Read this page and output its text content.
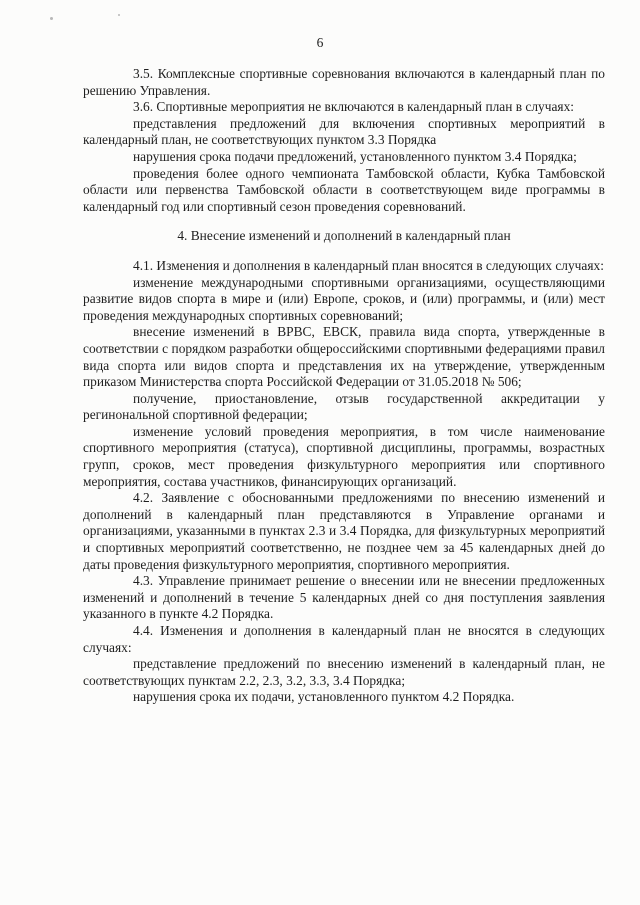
6

3.5. Комплексные спортивные соревнования включаются в календарный план по решению Управления.

3.6. Спортивные мероприятия не включаются в календарный план в случаях:

представления предложений для включения спортивных мероприятий в календарный план, не соответствующих пунктом 3.3 Порядка

нарушения срока подачи предложений, установленного пунктом 3.4 Порядка;

проведения более одного чемпионата Тамбовской области, Кубка Тамбовской области или первенства Тамбовской области в соответствующем виде программы в календарный год или спортивный сезон проведения соревнований.

4. Внесение изменений и дополнений в календарный план

4.1. Изменения и дополнения в календарный план вносятся в следующих случаях:

изменение международными спортивными организациями, осуществляющими развитие видов спорта в мире и (или) Европе, сроков, и (или) программы, и (или) мест проведения международных спортивных соревнований;

внесение изменений в ВРВС, ЕВСК, правила вида спорта, утвержденные в соответствии с порядком разработки общероссийскими спортивными федерациями правил вида спорта или видов спорта и представления их на утверждение, утвержденным приказом Министерства спорта Российской Федерации от 31.05.2018 № 506;

получение, приостановление, отзыв государственной аккредитации у регинональной спортивной федерации;

изменение условий проведения мероприятия, в том числе наименование спортивного мероприятия (статуса), спортивной дисциплины, программы, возрастных групп, сроков, мест проведения физкультурного мероприятия или спортивного мероприятия, состава участников, финансирующих организаций.

4.2. Заявление с обоснованными предложениями по внесению изменений и дополнений в календарный план представляются в Управление органами и организациями, указанными в пунктах 2.3 и 3.4 Порядка, для физкультурных мероприятий и спортивных мероприятий соответственно, не позднее чем за 45 календарных дней до даты проведения физкультурного мероприятия, спортивного мероприятия.

4.3. Управление принимает решение о внесении или не внесении предложенных изменений и дополнений в течение 5 календарных дней со дня поступления заявления указанного в пункте 4.2 Порядка.

4.4. Изменения и дополнения в календарный план не вносятся в следующих случаях:

представление предложений по внесению изменений в календарный план, не соответствующих пунктам 2.2, 2.3, 3.2, 3.3, 3.4 Порядка;

нарушения срока их подачи, установленного пунктом 4.2 Порядка.
